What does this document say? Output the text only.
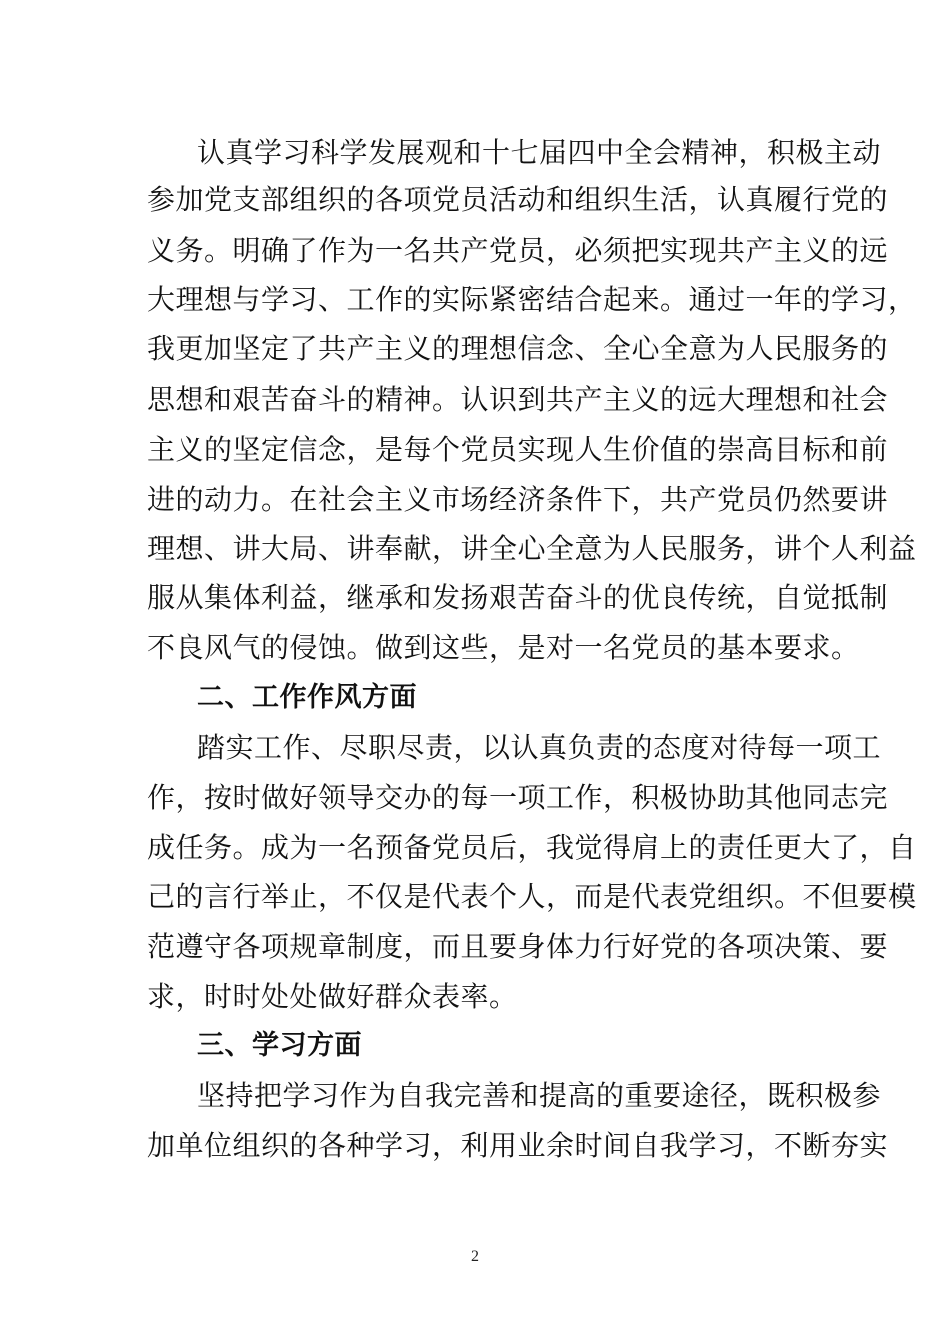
认真学习科学发展观和十七届四中全会精神，积极主动
参加党支部组织的各项党员活动和组织生活，认真履行党的
义务。明确了作为一名共产党员，必须把实现共产主义的远
大理想与学习、工作的实际紧密结合起来。通过一年的学习，
我更加坚定了共产主义的理想信念、全心全意为人民服务的
思想和艰苦奋斗的精神。认识到共产主义的远大理想和社会
主义的坚定信念，是每个党员实现人生价值的崇高目标和前
进的动力。在社会主义市场经济条件下，共产党员仍然要讲
理想、讲大局、讲奉献，讲全心全意为人民服务，讲个人利益
服从集体利益，继承和发扬艰苦奋斗的优良传统，自觉抵制
不良风气的侵蚀。做到这些，是对一名党员的基本要求。
二、工作作风方面
踏实工作、尽职尽责，以认真负责的态度对待每一项工
作，按时做好领导交办的每一项工作，积极协助其他同志完
成任务。成为一名预备党员后，我觉得肩上的责任更大了，自
己的言行举止，不仅是代表个人，而是代表党组织。不但要模
范遵守各项规章制度，而且要身体力行好党的各项决策、要
求，时时处处做好群众表率。
三、学习方面
坚持把学习作为自我完善和提高的重要途径，既积极参
加单位组织的各种学习，利用业余时间自我学习，不断夯实
2
